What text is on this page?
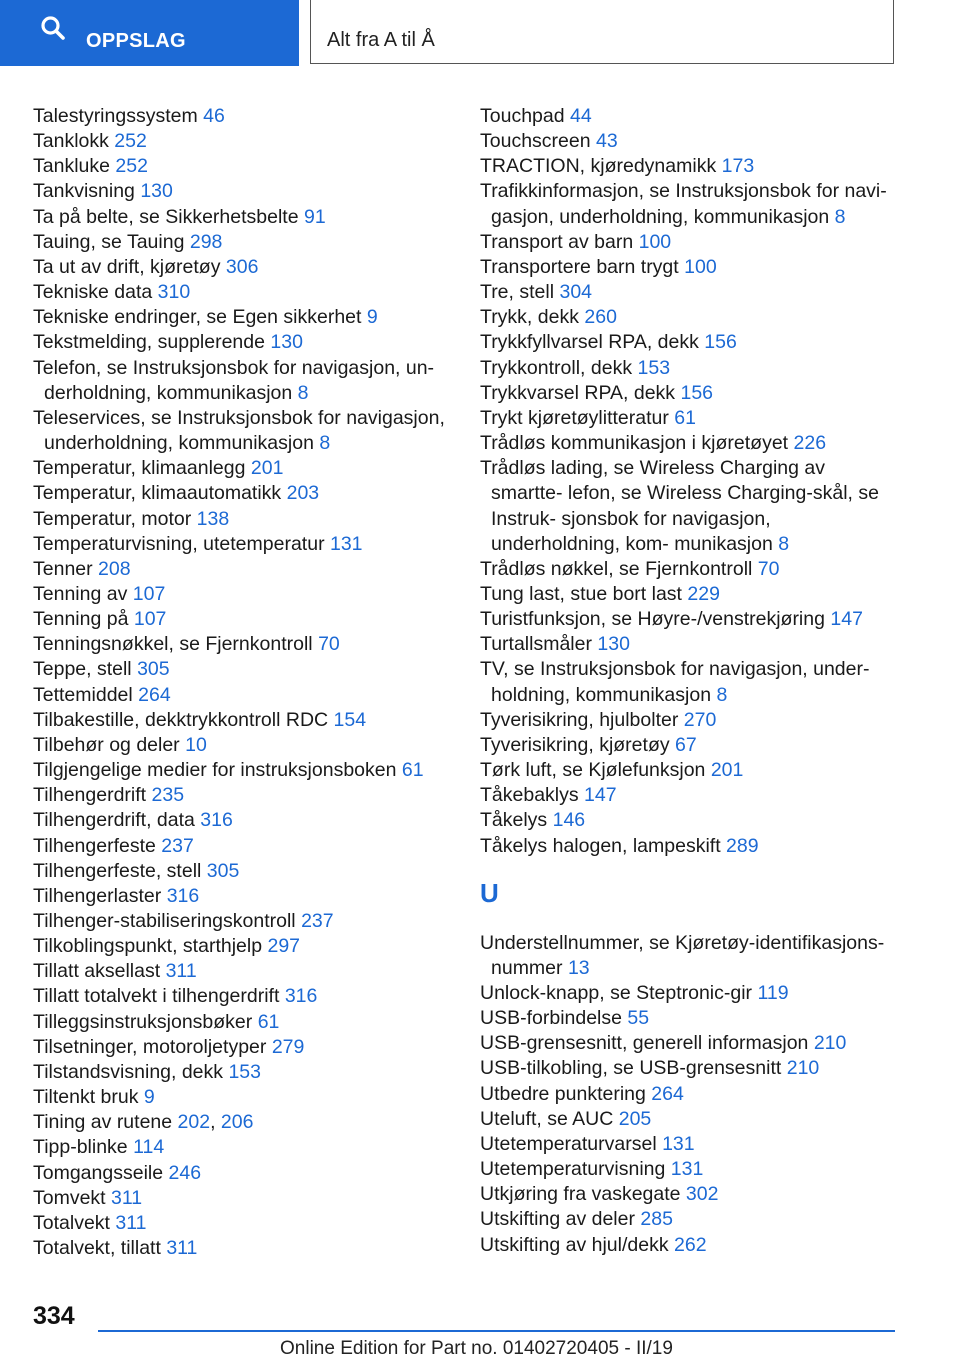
OPPSLAG	Alt fra A til Å
Talestyringssystem 46
Tanklokk 252
Tankluke 252
Tankvisning 130
Ta på belte, se Sikkerhetsbelte 91
Tauing, se Tauing 298
Ta ut av drift, kjøretøy 306
Tekniske data 310
Tekniske endringer, se Egen sikkerhet 9
Tekstmelding, supplerende 130
Telefon, se Instruksjonsbok for navigasjon, un‐ derholdning, kommunikasjon 8
Teleservices, se Instruksjonsbok for navigasjon, underholdning, kommunikasjon 8
Temperatur, klimaanlegg 201
Temperatur, klimaautomatikk 203
Temperatur, motor 138
Temperaturvisning, utetemperatur 131
Tenner 208
Tenning av 107
Tenning på 107
Tenningsnøkkel, se Fjernkontroll 70
Teppe, stell 305
Tettemiddel 264
Tilbakestille, dekktrykkontroll RDC 154
Tilbehør og deler 10
Tilgjengelige medier for instruksjonsboken 61
Tilhengerdrift 235
Tilhengerdrift, data 316
Tilhengerfeste 237
Tilhengerfeste, stell 305
Tilhengerlaster 316
Tilhenger-stabiliseringskontroll 237
Tilkoblingspunkt, starthjelp 297
Tillatt aksellast 311
Tillatt totalvekt i tilhengerdrift 316
Tilleggsinstruksjonsbøker 61
Tilsetninger, motoroljetyper 279
Tilstandsvisning, dekk 153
Tiltenkt bruk 9
Tining av rutene 202, 206
Tipp-blinke 114
Tomgangsseile 246
Tomvekt 311
Totalvekt 311
Totalvekt, tillatt 311
Touchpad 44
Touchscreen 43
TRACTION, kjøredynamikk 173
Trafikkinformasjon, se Instruksjonsbok for navi‐ gasjon, underholdning, kommunikasjon 8
Transport av barn 100
Transportere barn trygt 100
Tre, stell 304
Trykk, dekk 260
Trykkfyllvarsel RPA, dekk 156
Trykkontroll, dekk 153
Trykkvarsel RPA, dekk 156
Trykt kjøretøylitteratur 61
Trådløs kommunikasjon i kjøretøyet 226
Trådløs lading, se Wireless Charging av smartte‐ lefon, se Wireless Charging-skål, se Instruk‐ sjonsbok for navigasjon, underholdning, kom‐ munikasjon 8
Trådløs nøkkel, se Fjernkontroll 70
Tung last, stue bort last 229
Turistfunksjon, se Høyre-/venstrekjøring 147
Turtallsmåler 130
TV, se Instruksjonsbok for navigasjon, under‐ holdning, kommunikasjon 8
Tyverisikring, hjulbolter 270
Tyverisikring, kjøretøy 67
Tørk luft, se Kjølefunksjon 201
Tåkebaklys 147
Tåkelys 146
Tåkelys halogen, lampeskift 289
U
Understellnummer, se Kjøretøy-identifikasjons‐ nummer 13
Unlock-knapp, se Steptronic-gir 119
USB-forbindelse 55
USB-grensesnitt, generell informasjon 210
USB-tilkobling, se USB-grensesnitt 210
Utbedre punktering 264
Uteluft, se AUC 205
Utetemperaturvarsel 131
Utetemperaturvisning 131
Utkjøring fra vaskegate 302
Utskifting av deler 285
Utskifting av hjul/dekk 262
334
Online Edition for Part no. 01402720405 - II/19
